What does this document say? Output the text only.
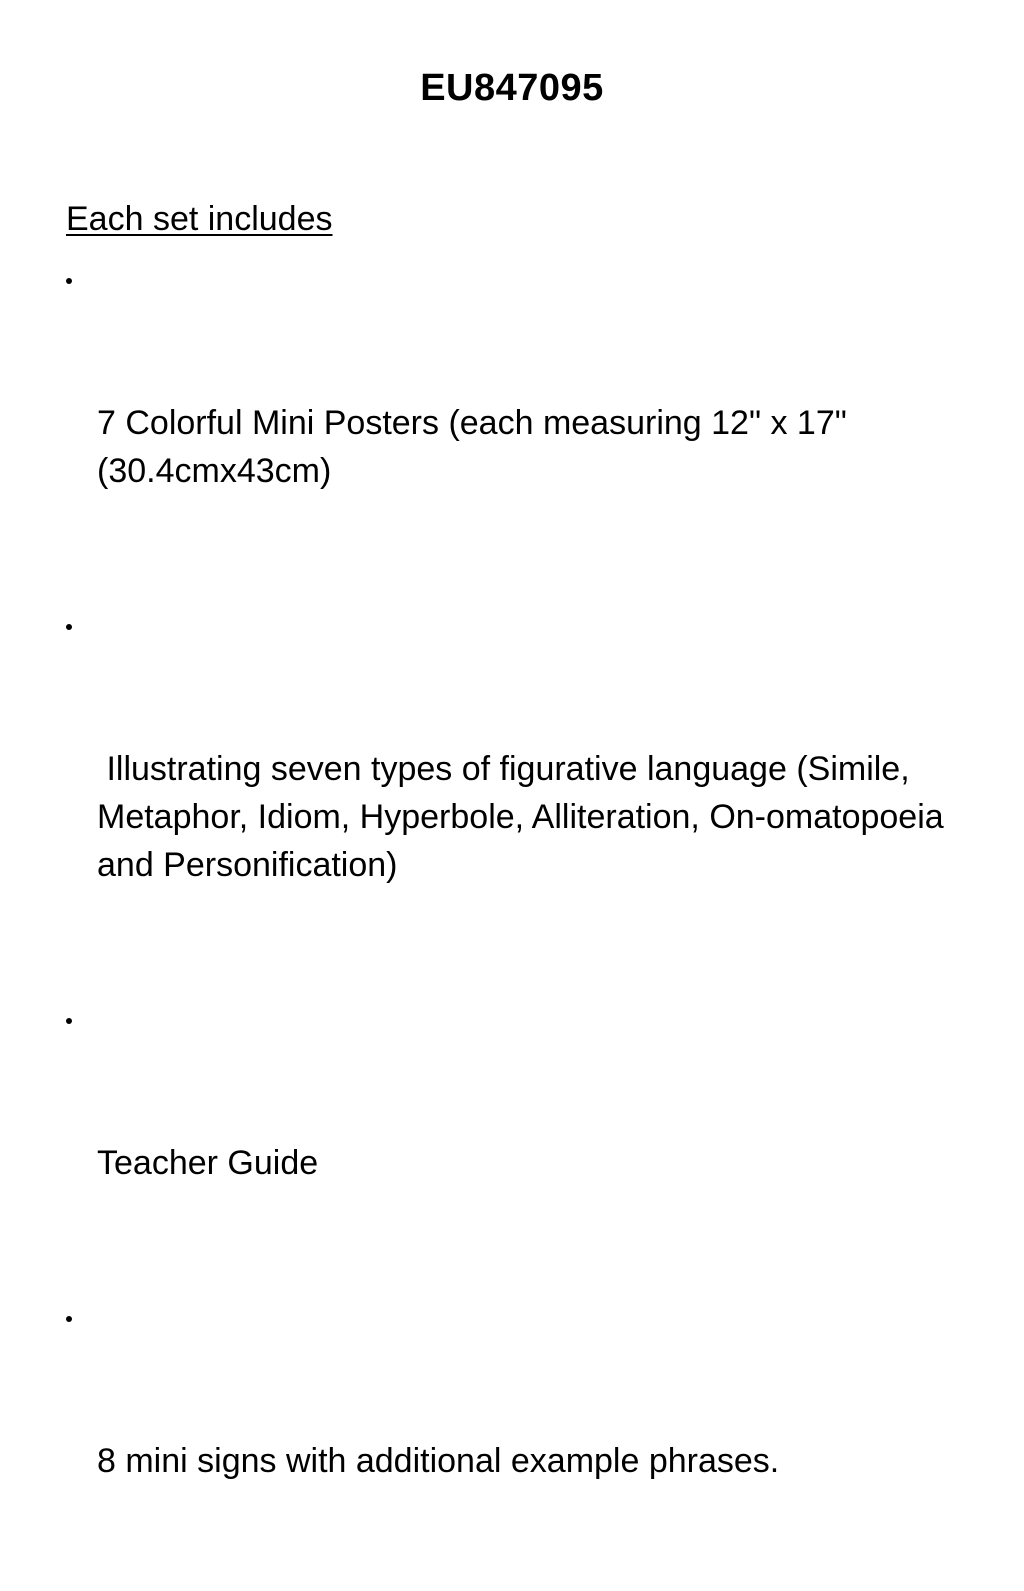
EU847095
Each set includes

7 Colorful Mini Posters (each measuring 12" x 17"(30.4cmx43cm)

Illustrating seven types of figurative language (Simile, Metaphor, Idiom, Hyperbole, Alliteration, On-omatopoeia and Personification)

Teacher Guide

8 mini signs with additional example phrases.
